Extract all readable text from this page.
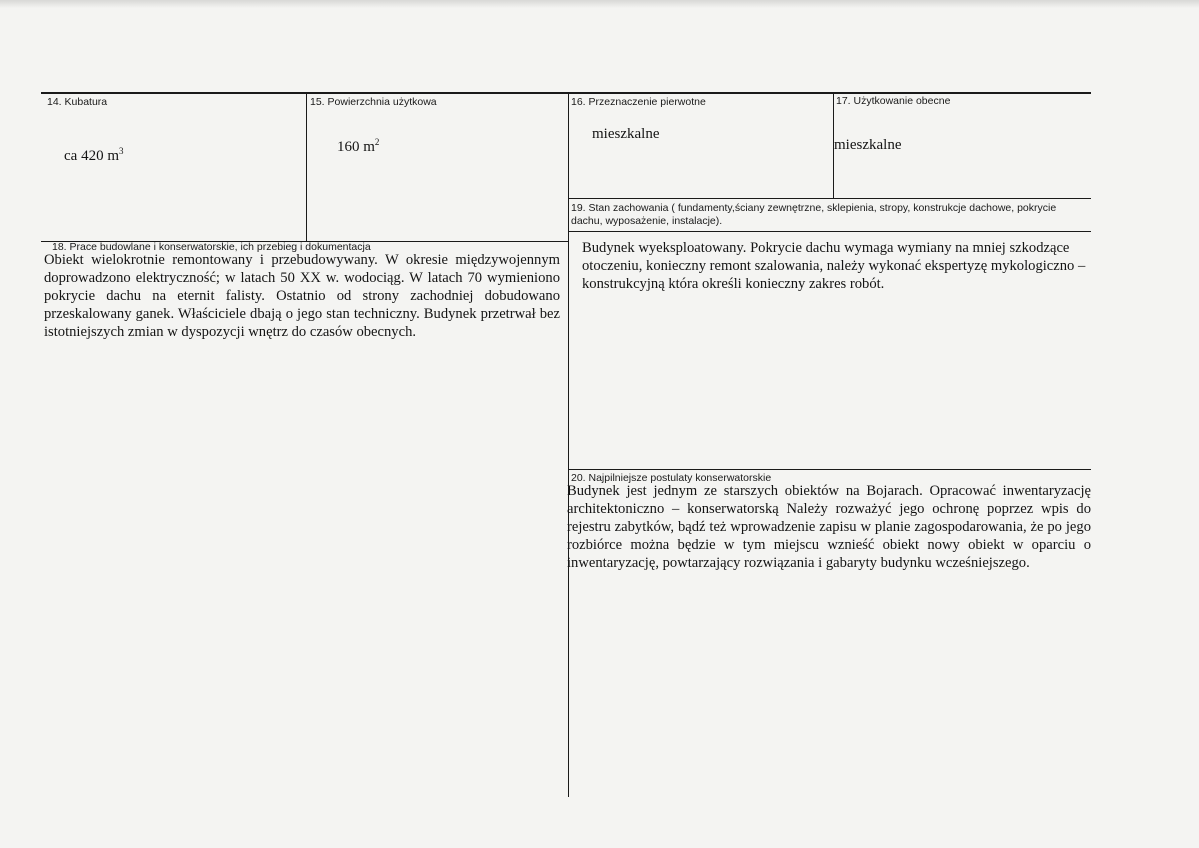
14. Kubatura
ca 420 $m^3$
15. Powierzchnia użytkowa
160 $m^2$
16. Przeznaczenie pierwotne
mieszkalne
17. Użytkowanie obecne
mieszkalne
19. Stan zachowania ( fundamenty,ściany zewnętrzne, sklepienia, stropy, konstrukcje dachowe, pokrycie dachu, wyposażenie, instalacje).
Budynek wyeksploatowany. Pokrycie dachu wymaga wymiany na mniej szkodzące otoczeniu, konieczny remont szalowania, należy wykonać ekspertyzę mykologiczno – konstrukcyjną która określi konieczny zakres robót.
18. Prace budowlane i konserwatorskie, ich przebieg i dokumentacja
Obiekt wielokrotnie remontowany i przebudowywany. W okresie międzywojennym doprowadzono elektryczność; w latach 50 XX w. wodociąg. W latach 70 wymieniono pokrycie dachu na eternit falisty. Ostatnio od strony zachodniej dobudowano przeskalowany ganek. Właściciele dbają o jego stan techniczny. Budynek przetrwał bez istotniejszych zmian w dyspozycji wnętrz do czasów obecnych.
20. Najpilniejsze postulaty konserwatorskie
Budynek jest jednym ze starszych obiektów na Bojarach. Opracować inwentaryzację architektoniczno – konserwatorską Należy rozważyć jego ochronę poprzez wpis do rejestru zabytków, bądź też wprowadzenie zapisu w planie zagospodarowania, że po jego rozbiórce można będzie w tym miejscu wznieść obiekt nowy obiekt w oparciu o inwentaryzację, powtarzający rozwiązania i gabaryty budynku wcześniejszego.
